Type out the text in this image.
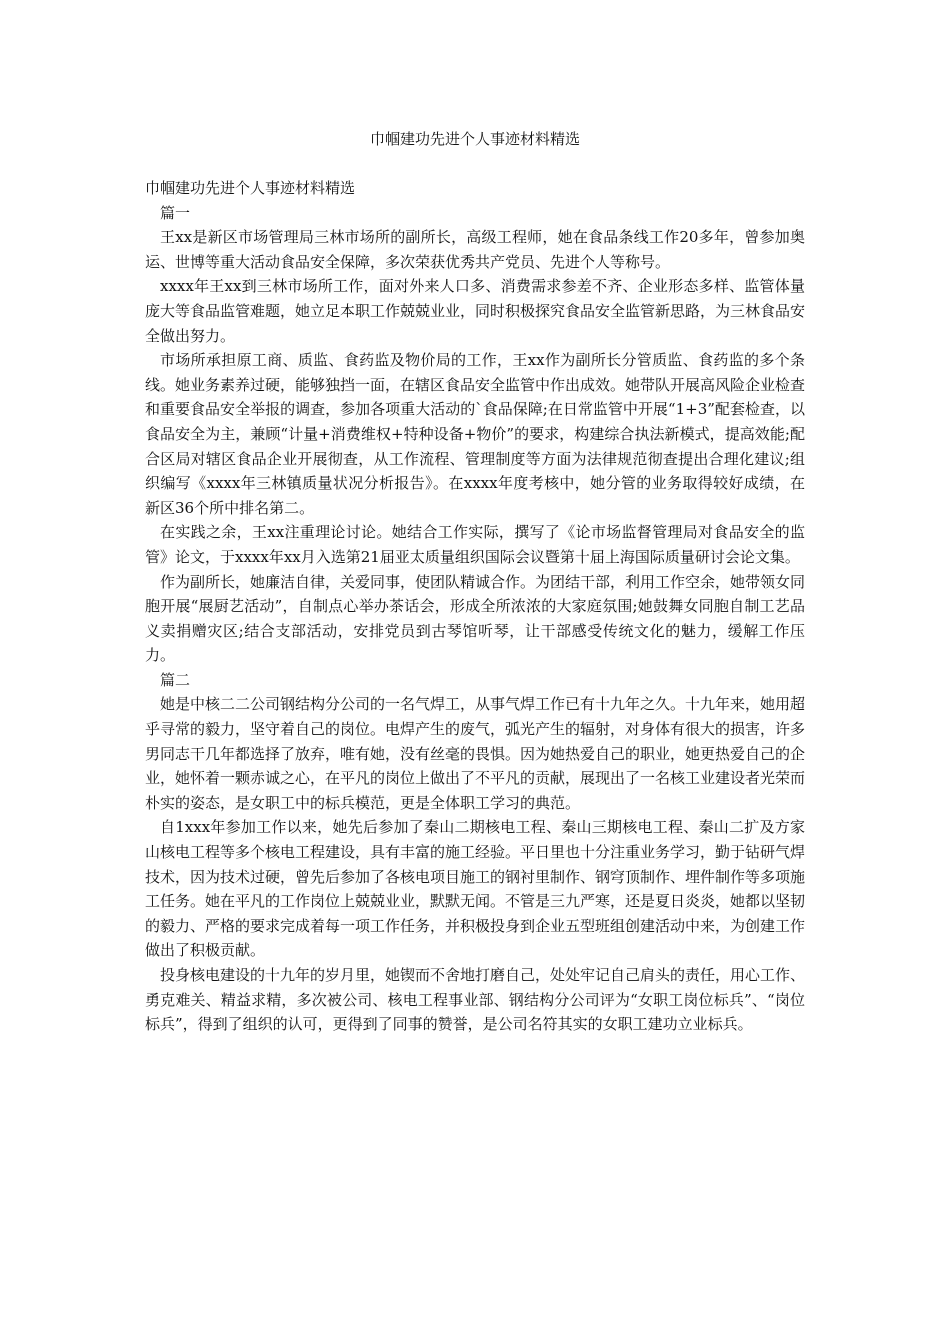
巾帼建功先进个人事迹材料精选

巾帼建功先进个人事迹材料精选

篇一

王xx是新区市场管理局三林市场所的副所长，高级工程师，她在食品条线工作20多年，曾参加奥运、世博等重大活动食品安全保障，多次荣获优秀共产党员、先进个人等称号。

xxxx年王xx到三林市场所工作，面对外来人口多、消费需求参差不齐、企业形态多样、监管体量庞大等食品监管难题，她立足本职工作兢兢业业，同时积极探究食品安全监管新思路，为三林食品安全做出努力。

市场所承担原工商、质监、食药监及物价局的工作，王xx作为副所长分管质监、食药监的多个条线。她业务素养过硬，能够独挡一面，在辖区食品安全监管中作出成效。她带队开展高风险企业检查和重要食品安全举报的调查，参加各项重大活动的`食品保障;在日常监管中开展“1+3”配套检查，以食品安全为主，兼顾“计量+消费维权+特种设备+物价”的要求，构建综合执法新模式，提高效能;配合区局对辖区食品企业开展彻查，从工作流程、管理制度等方面为法律规范彻查提出合理化建议;组织编写《xxxx年三林镇质量状况分析报告》。在xxxx年度考核中，她分管的业务取得较好成绩，在新区36个所中排名第二。

在实践之余，王xx注重理论讨论。她结合工作实际，撰写了《论市场监督管理局对食品安全的监管》论文，于xxxx年xx月入选第21届亚太质量组织国际会议暨第十届上海国际质量研讨会论文集。

作为副所长，她廉洁自律，关爱同事，使团队精诚合作。为团结干部，利用工作空余，她带领女同胞开展“展厨艺活动”，自制点心举办茶话会，形成全所浓浓的大家庭氛围;她鼓舞女同胞自制工艺品义卖捐赠灾区;结合支部活动，安排党员到古琴馆听琴，让干部感受传统文化的魅力，缓解工作压力。

篇二

她是中核二二公司钢结构分公司的一名气焊工，从事气焊工作已有十九年之久。十九年来，她用超乎寻常的毅力，坚守着自己的岗位。电焊产生的废气，弧光产生的辐射，对身体有很大的损害，许多男同志干几年都选择了放弃，唯有她，没有丝毫的畏惧。因为她热爱自己的职业，她更热爱自己的企业，她怀着一颗赤诚之心，在平凡的岗位上做出了不平凡的贡献，展现出了一名核工业建设者光荣而朴实的姿态，是女职工中的标兵模范，更是全体职工学习的典范。

自1xxx年参加工作以来，她先后参加了秦山二期核电工程、秦山三期核电工程、秦山二扩及方家山核电工程等多个核电工程建设，具有丰富的施工经验。平日里也十分注重业务学习，勤于钻研气焊技术，因为技术过硬，曾先后参加了各核电项目施工的钢衬里制作、钢穹顶制作、埋件制作等多项施工任务。她在平凡的工作岗位上兢兢业业，默默无闻。不管是三九严寒，还是夏日炎炎，她都以坚韧的毅力、严格的要求完成着每一项工作任务，并积极投身到企业五型班组创建活动中来，为创建工作做出了积极贡献。

投身核电建设的十九年的岁月里，她锲而不舍地打磨自己，处处牢记自己肩头的责任，用心工作、勇克难关、精益求精，多次被公司、核电工程事业部、钢结构分公司评为“女职工岗位标兵”、“岗位标兵”，得到了组织的认可，更得到了同事的赞誉，是公司名符其实的女职工建功立业标兵。
